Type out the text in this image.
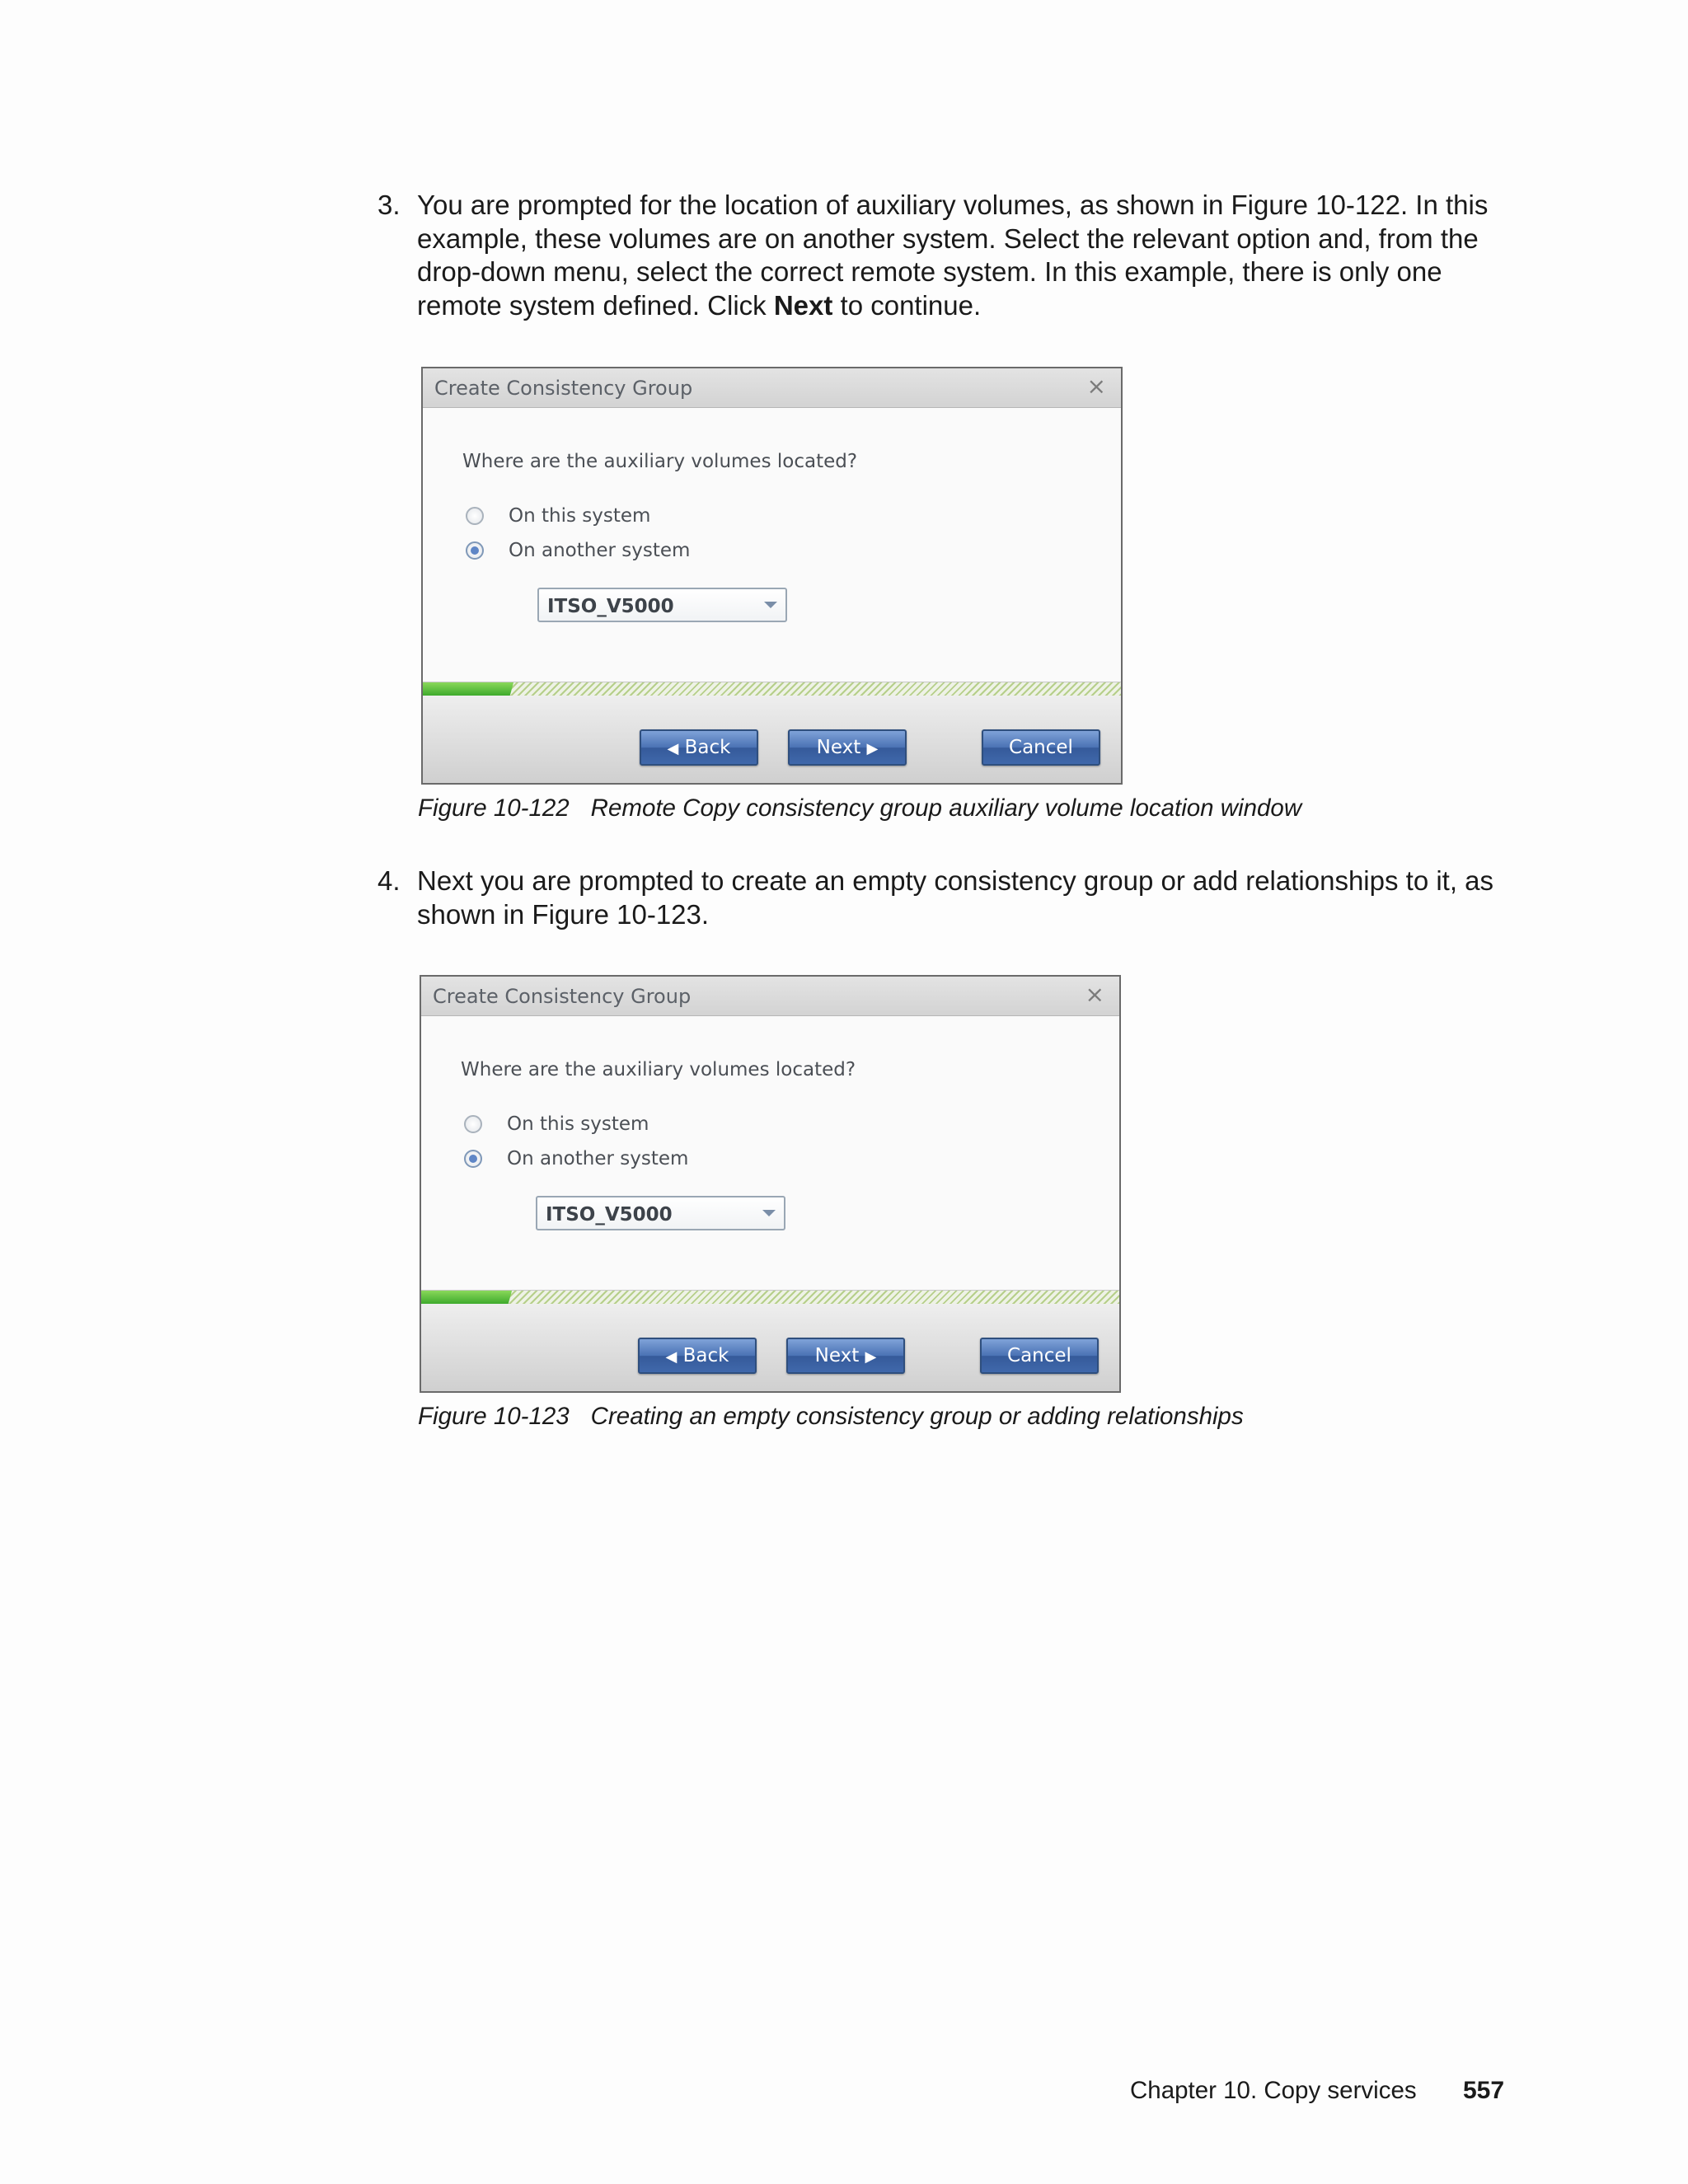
3. You are prompted for the location of auxiliary volumes, as shown in Figure 10-122. In this example, these volumes are on another system. Select the relevant option and, from the drop-down menu, select the correct remote system. In this example, there is only one remote system defined. Click Next to continue.
Create Consistency Group	×
Where are the auxiliary volumes located?
On this system
On another system
ITSO_V5000
◀ Back	Next ▶	Cancel
Figure 10-122 Remote Copy consistency group auxiliary volume location window
4. Next you are prompted to create an empty consistency group or add relationships to it, as shown in Figure 10-123.
Create Consistency Group	×
Where are the auxiliary volumes located?
On this system
On another system
ITSO_V5000
◀ Back	Next ▶	Cancel
Figure 10-123 Creating an empty consistency group or adding relationships
Chapter 10. Copy services 557
